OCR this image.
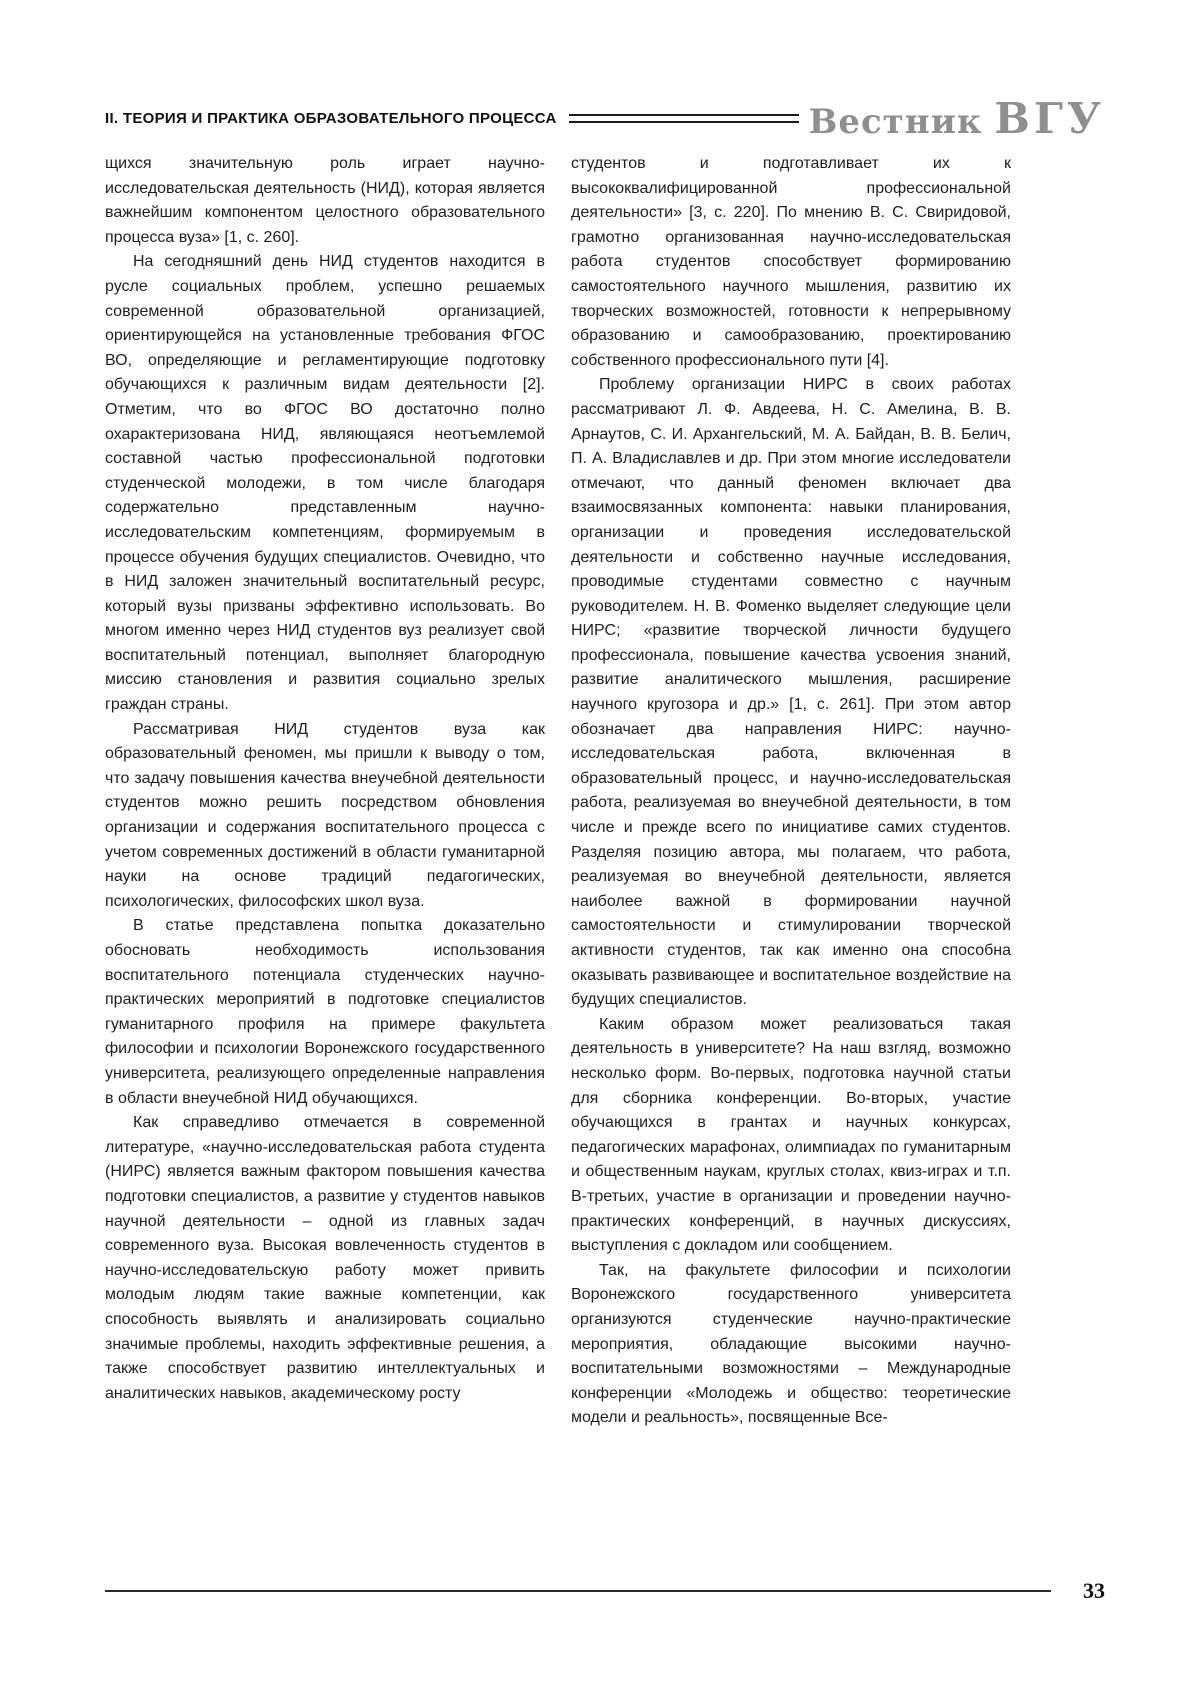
II. ТЕОРИЯ И ПРАКТИКА ОБРАЗОВАТЕЛЬНОГО ПРОЦЕССА	Вестник ВГУ

щихся значительную роль играет научно-исследовательская деятельность (НИД), которая является важнейшим компонентом целостного образовательного процесса вуза» [1, с. 260].

На сегодняшний день НИД студентов находится в русле социальных проблем, успешно решаемых современной образовательной организацией, ориентирующейся на установленные требования ФГОС ВО, определяющие и регламентирующие подготовку обучающихся к различным видам деятельности [2]. Отметим, что во ФГОС ВО достаточно полно охарактеризована НИД, являющаяся неотъемлемой составной частью профессиональной подготовки студенческой молодежи, в том числе благодаря содержательно представленным научно-исследовательским компетенциям, формируемым в процессе обучения будущих специалистов. Очевидно, что в НИД заложен значительный воспитательный ресурс, который вузы призваны эффективно использовать. Во многом именно через НИД студентов вуз реализует свой воспитательный потенциал, выполняет благородную миссию становления и развития социально зрелых граждан страны.

Рассматривая НИД студентов вуза как образовательный феномен, мы пришли к выводу о том, что задачу повышения качества внеучебной деятельности студентов можно решить посредством обновления организации и содержания воспитательного процесса с учетом современных достижений в области гуманитарной науки на основе традиций педагогических, психологических, философских школ вуза.

В статье представлена попытка доказательно обосновать необходимость использования воспитательного потенциала студенческих научно-практических мероприятий в подготовке специалистов гуманитарного профиля на примере факультета философии и психологии Воронежского государственного университета, реализующего определенные направления в области внеучебной НИД обучающихся.

Как справедливо отмечается в современной литературе, «научно-исследовательская работа студента (НИРС) является важным фактором повышения качества подготовки специалистов, а развитие у студентов навыков научной деятельности – одной из главных задач современного вуза. Высокая вовлеченность студентов в научно-исследовательскую работу может привить молодым людям такие важные компетенции, как способность выявлять и анализировать социально значимые проблемы, находить эффективные решения, а также способствует развитию интеллектуальных и аналитических навыков, академическому росту

студентов и подготавливает их к высококвалифицированной профессиональной деятельности» [3, с. 220]. По мнению В. С. Свиридовой, грамотно организованная научно-исследовательская работа студентов способствует формированию самостоятельного научного мышления, развитию их творческих возможностей, готовности к непрерывному образованию и самообразованию, проектированию собственного профессионального пути [4].

Проблему организации НИРС в своих работах рассматривают Л. Ф. Авдеева, Н. С. Амелина, В. В. Арнаутов, С. И. Архангельский, М. А. Байдан, В. В. Белич, П. А. Владиславлев и др. При этом многие исследователи отмечают, что данный феномен включает два взаимосвязанных компонента: навыки планирования, организации и проведения исследовательской деятельности и собственно научные исследования, проводимые студентами совместно с научным руководителем. Н. В. Фоменко выделяет следующие цели НИРС; «развитие творческой личности будущего профессионала, повышение качества усвоения знаний, развитие аналитического мышления, расширение научного кругозора и др.» [1, с. 261]. При этом автор обозначает два направления НИРС: научно-исследовательская работа, включенная в образовательный процесс, и научно-исследовательская работа, реализуемая во внеучебной деятельности, в том числе и прежде всего по инициативе самих студентов. Разделяя позицию автора, мы полагаем, что работа, реализуемая во внеучебной деятельности, является наиболее важной в формировании научной самостоятельности и стимулировании творческой активности студентов, так как именно она способна оказывать развивающее и воспитательное воздействие на будущих специалистов.

Каким образом может реализоваться такая деятельность в университете? На наш взгляд, возможно несколько форм. Во-первых, подготовка научной статьи для сборника конференции. Во-вторых, участие обучающихся в грантах и научных конкурсах, педагогических марафонах, олимпиадах по гуманитарным и общественным наукам, круглых столах, квиз-играх и т.п. В-третьих, участие в организации и проведении научно-практических конференций, в научных дискуссиях, выступления с докладом или сообщением.

Так, на факультете философии и психологии Воронежского государственного университета организуются студенческие научно-практические мероприятия, обладающие высокими научно-воспитательными возможностями – Международные конференции «Молодежь и общество: теоретические модели и реальность», посвященные Все-

33
